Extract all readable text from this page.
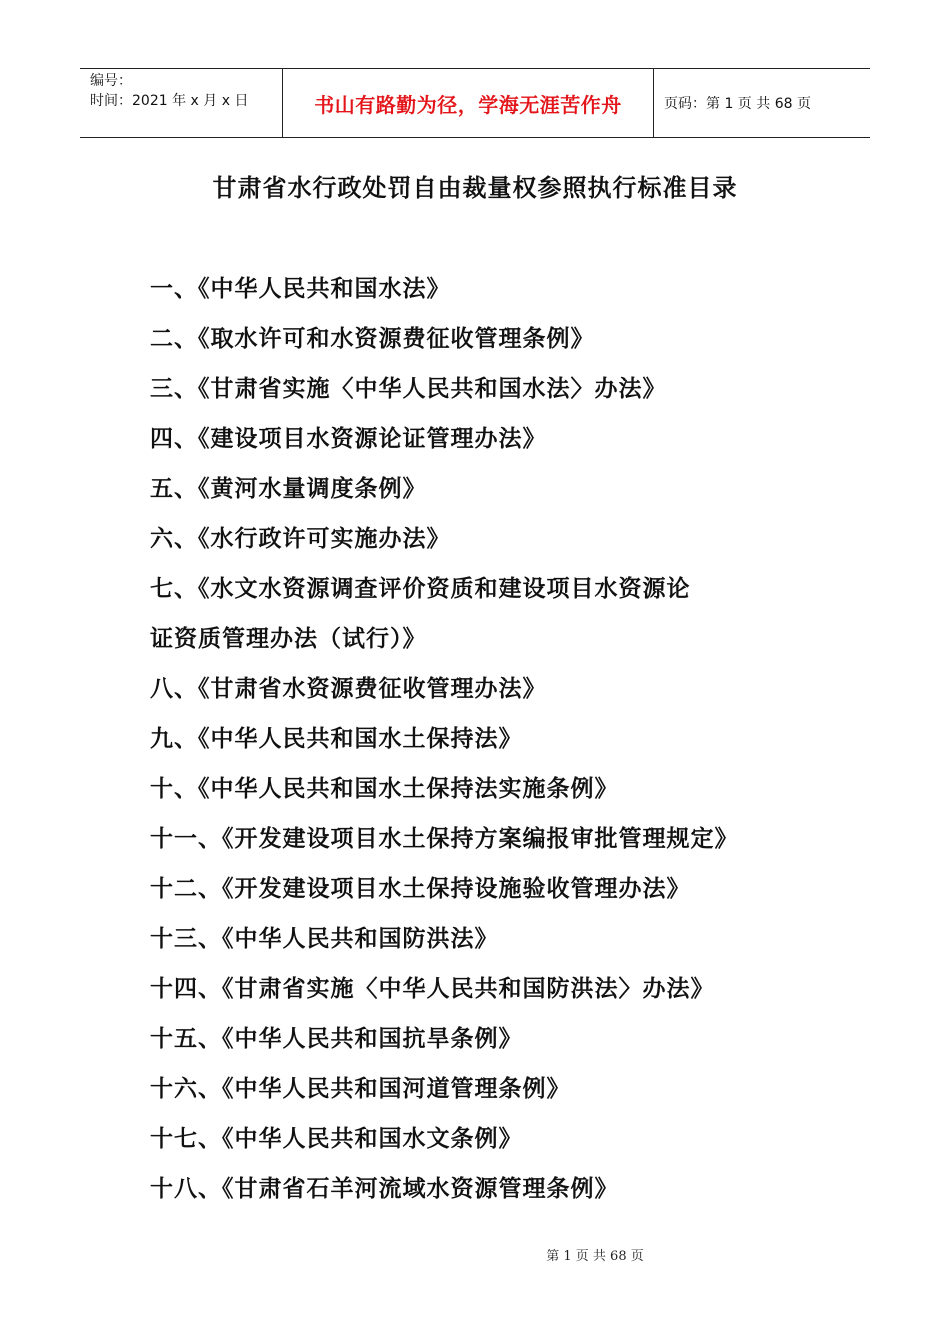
编号：
时间：2021 年 x 月 x 日	书山有路勤为径，学海无涯苦作舟	页码：第 1 页 共 68 页
甘肃省水行政处罚自由裁量权参照执行标准目录
一、《中华人民共和国水法》
二、《取水许可和水资源费征收管理条例》
三、《甘肃省实施〈中华人民共和国水法〉办法》
四、《建设项目水资源论证管理办法》
五、《黄河水量调度条例》
六、《水行政许可实施办法》
七、《水文水资源调查评价资质和建设项目水资源论
证资质管理办法（试行）》
八、《甘肃省水资源费征收管理办法》
九、《中华人民共和国水土保持法》
十、《中华人民共和国水土保持法实施条例》
十一、《开发建设项目水土保持方案编报审批管理规定》
十二、《开发建设项目水土保持设施验收管理办法》
十三、《中华人民共和国防洪法》
十四、《甘肃省实施〈中华人民共和国防洪法〉办法》
十五、《中华人民共和国抗旱条例》
十六、《中华人民共和国河道管理条例》
十七、《中华人民共和国水文条例》
十八、《甘肃省石羊河流域水资源管理条例》
第 1 页 共 68 页
